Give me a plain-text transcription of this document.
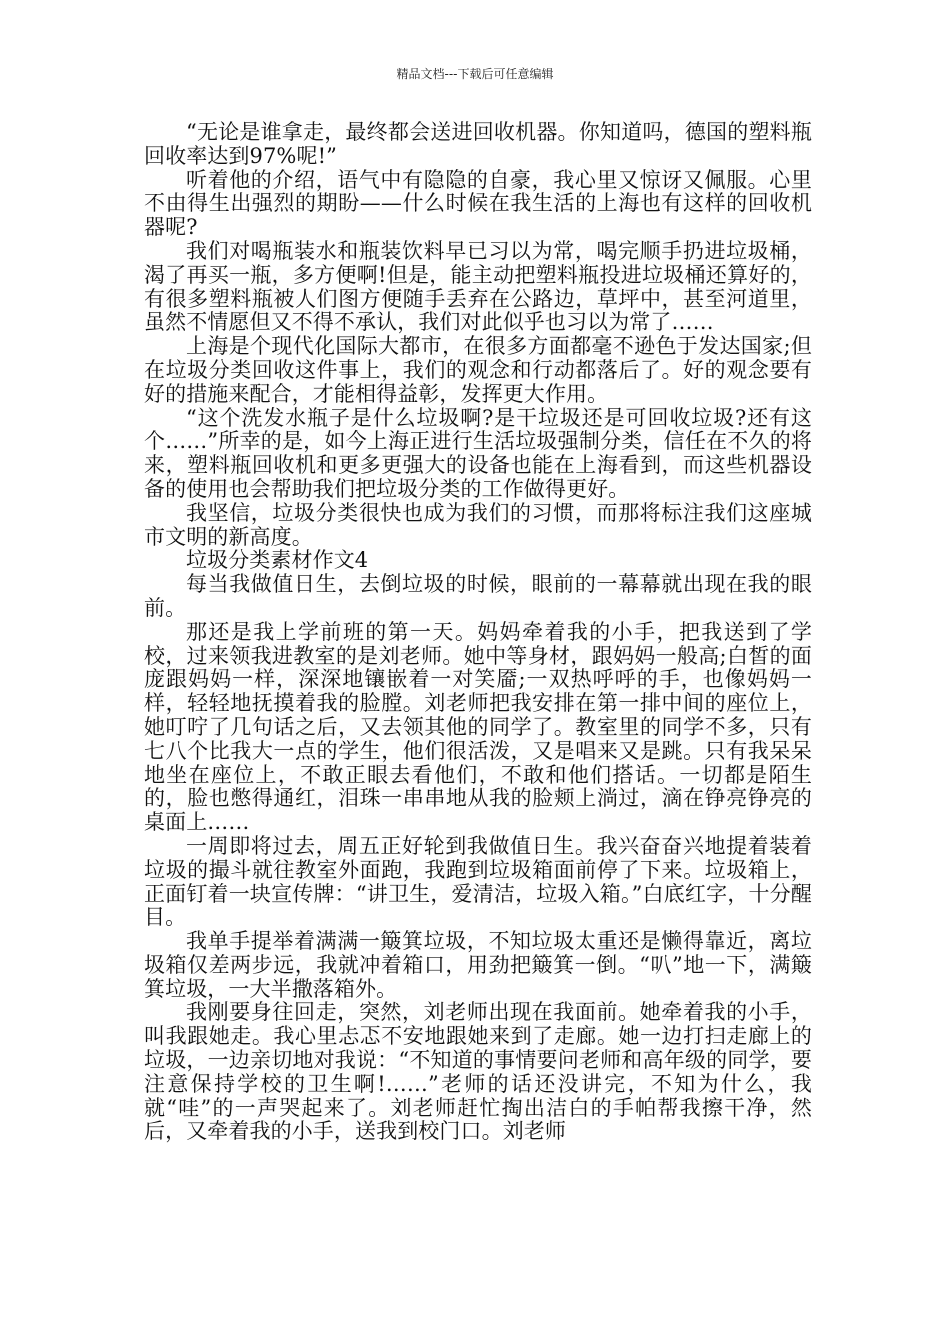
精品文档---下载后可任意编辑

“无论是谁拿走，最终都会送进回收机器。你知道吗，德国的塑料瓶回收率达到97%呢!”

听着他的介绍，语气中有隐隐的自豪，我心里又惊讶又佩服。心里不由得生出强烈的期盼——什么时候在我生活的上海也有这样的回收机器呢?

我们对喝瓶装水和瓶装饮料早已习以为常，喝完顺手扔进垃圾桶，渴了再买一瓶，多方便啊!但是，能主动把塑料瓶投进垃圾桶还算好的，有很多塑料瓶被人们图方便随手丢弃在公路边，草坪中，甚至河道里，虽然不情愿但又不得不承认，我们对此似乎也习以为常了……

上海是个现代化国际大都市，在很多方面都毫不逊色于发达国家;但在垃圾分类回收这件事上，我们的观念和行动都落后了。好的观念要有好的措施来配合，才能相得益彰，发挥更大作用。

“这个洗发水瓶子是什么垃圾啊?是干垃圾还是可回收垃圾?还有这个……”所幸的是，如今上海正进行生活垃圾强制分类，信任在不久的将来，塑料瓶回收机和更多更强大的设备也能在上海看到，而这些机器设备的使用也会帮助我们把垃圾分类的工作做得更好。

我坚信，垃圾分类很快也成为我们的习惯，而那将标注我们这座城市文明的新高度。

垃圾分类素材作文4

每当我做值日生，去倒垃圾的时候，眼前的一幕幕就出现在我的眼前。

那还是我上学前班的第一天。妈妈牵着我的小手，把我送到了学校，过来领我进教室的是刘老师。她中等身材，跟妈妈一般高;白皙的面庞跟妈妈一样，深深地镶嵌着一对笑靥;一双热呼呼的手，也像妈妈一样，轻轻地抚摸着我的脸膛。刘老师把我安排在第一排中间的座位上，她叮咛了几句话之后，又去领其他的同学了。教室里的同学不多，只有七八个比我大一点的学生，他们很活泼，又是唱来又是跳。只有我呆呆地坐在座位上，不敢正眼去看他们，不敢和他们搭话。一切都是陌生的，脸也憋得通红，泪珠一串串地从我的脸颊上淌过，滴在铮亮铮亮的桌面上……

一周即将过去，周五正好轮到我做值日生。我兴奋奋兴地提着装着垃圾的撮斗就往教室外面跑，我跑到垃圾箱面前停了下来。垃圾箱上，正面钉着一块宣传牌：“讲卫生，爱清洁，垃圾入箱。”白底红字，十分醒目。

我单手提举着满满一簸箕垃圾，不知垃圾太重还是懒得靠近，离垃圾箱仅差两步远，我就冲着箱口，用劲把簸箕一倒。“叭”地一下，满簸箕垃圾，一大半撒落箱外。

我刚要身往回走，突然，刘老师出现在我面前。她牵着我的小手，叫我跟她走。我心里忐忑不安地跟她来到了走廊。她一边打扫走廊上的垃圾，一边亲切地对我说：“不知道的事情要问老师和高年级的同学，要注意保持学校的卫生啊!……”老师的话还没讲完，不知为什么，我就“哇”的一声哭起来了。刘老师赶忙掏出洁白的手帕帮我擦干净，然后，又牵着我的小手，送我到校门口。刘老师
